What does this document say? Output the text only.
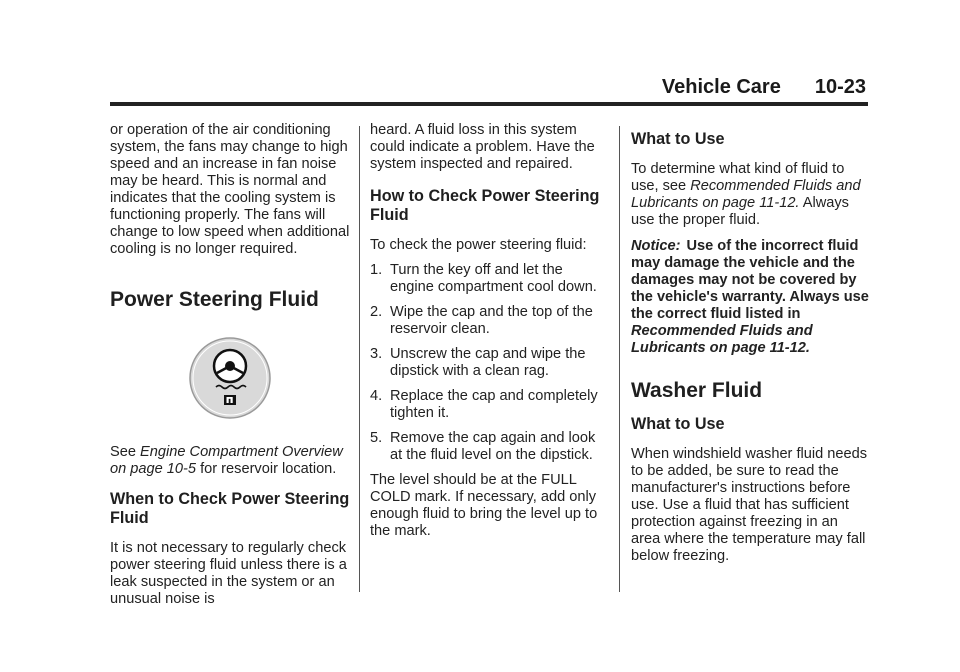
Vehicle Care 10-23

or operation of the air conditioning system, the fans may change to high speed and an increase in fan noise may be heard. This is normal and indicates that the cooling system is functioning properly. The fans will change to low speed when additional cooling is no longer required.

Power Steering Fluid

See Engine Compartment Overview on page 10-5 for reservoir location.

When to Check Power Steering Fluid

It is not necessary to regularly check power steering fluid unless there is a leak suspected in the system or an unusual noise is

heard. A fluid loss in this system could indicate a problem. Have the system inspected and repaired.

How to Check Power Steering Fluid

To check the power steering fluid:

1. Turn the key off and let the engine compartment cool down.
2. Wipe the cap and the top of the reservoir clean.
3. Unscrew the cap and wipe the dipstick with a clean rag.
4. Replace the cap and completely tighten it.
5. Remove the cap again and look at the fluid level on the dipstick.

The level should be at the FULL COLD mark. If necessary, add only enough fluid to bring the level up to the mark.

What to Use

To determine what kind of fluid to use, see Recommended Fluids and Lubricants on page 11-12. Always use the proper fluid.

Notice: Use of the incorrect fluid may damage the vehicle and the damages may not be covered by the vehicle's warranty. Always use the correct fluid listed in Recommended Fluids and Lubricants on page 11-12.

Washer Fluid
What to Use

When windshield washer fluid needs to be added, be sure to read the manufacturer's instructions before use. Use a fluid that has sufficient protection against freezing in an area where the temperature may fall below freezing.
